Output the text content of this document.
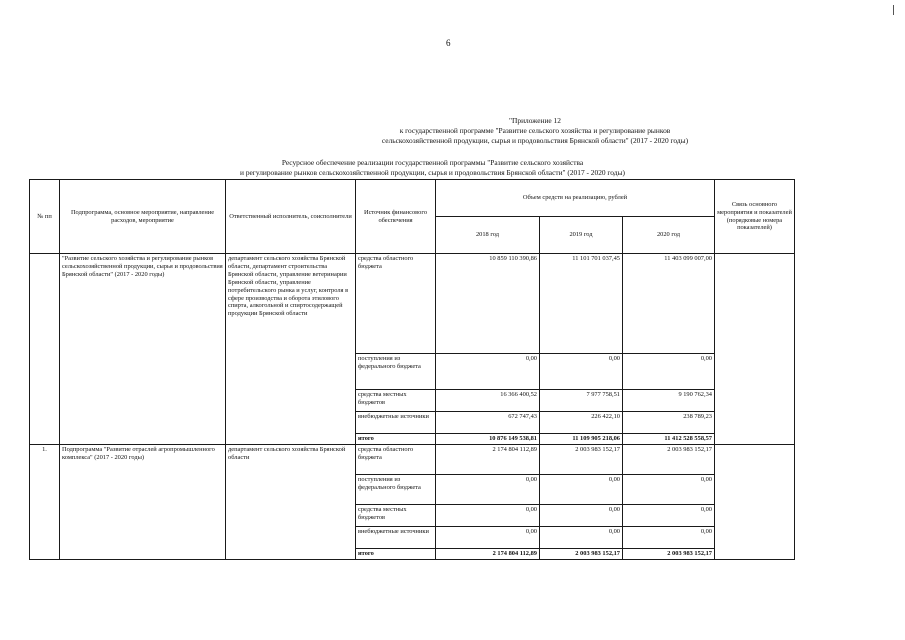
6
"Приложение 12
к государственной программе "Развитие сельского хозяйства и регулирование рынков
сельскохозяйственной продукции, сырья и продовольствия Брянской области" (2017 - 2020 годы)
Ресурсное обеспечение реализации государственной программы "Развитие сельского хозяйства
и регулирование рынков сельскохозяйственной продукции, сырья и продовольствия Брянской области" (2017 - 2020 годы)
№ пп	Подпрограмма, основное мероприятие, направление расходов, мероприятие	Ответственный исполнитель, соисполнители	Источник финансового обеспечения	Объем средств на реализацию, рублей			Связь основного мероприятия и показателей (порядковые номера показателей)
				2018 год	2019 год	2020 год	
	"Развитие сельского хозяйства и регулирование рынков сельскохозяйственной продукции, сырья и продовольствия Брянской области" (2017 - 2020 годы)	департамент сельского хозяйства Брянской области, департамент строительства Брянской области, управление ветеринарии Брянской области, управление потребительского рынка и услуг, контроля в сфере производства и оборота этилового спирта, алкогольной и спиртосодержащей продукции Брянской области	средства областного бюджета	10 859 110 390,86	11 101 701 037,45	11 403 099 007,00	
			поступления из федерального бюджета	0,00	0,00	0,00	
			средства местных бюджетов	16 366 400,52	7 977 758,51	9 190 762,34	
			внебюджетные источники	672 747,43	226 422,10	238 789,23	
			итого	10 876 149 538,81	11 109 905 218,06	11 412 528 558,57	
1.	Подпрограмма "Развитие отраслей агропромышленного комплекса" (2017 - 2020 годы)	департамент сельского хозяйства Брянской области	средства областного бюджета	2 174 804 112,89	2 003 983 152,17	2 003 983 152,17	
			поступления из федерального бюджета	0,00	0,00	0,00	
			средства местных бюджетов	0,00	0,00	0,00	
			внебюджетные источники	0,00	0,00	0,00	
			итого	2 174 804 112,89	2 003 983 152,17	2 003 983 152,17	
